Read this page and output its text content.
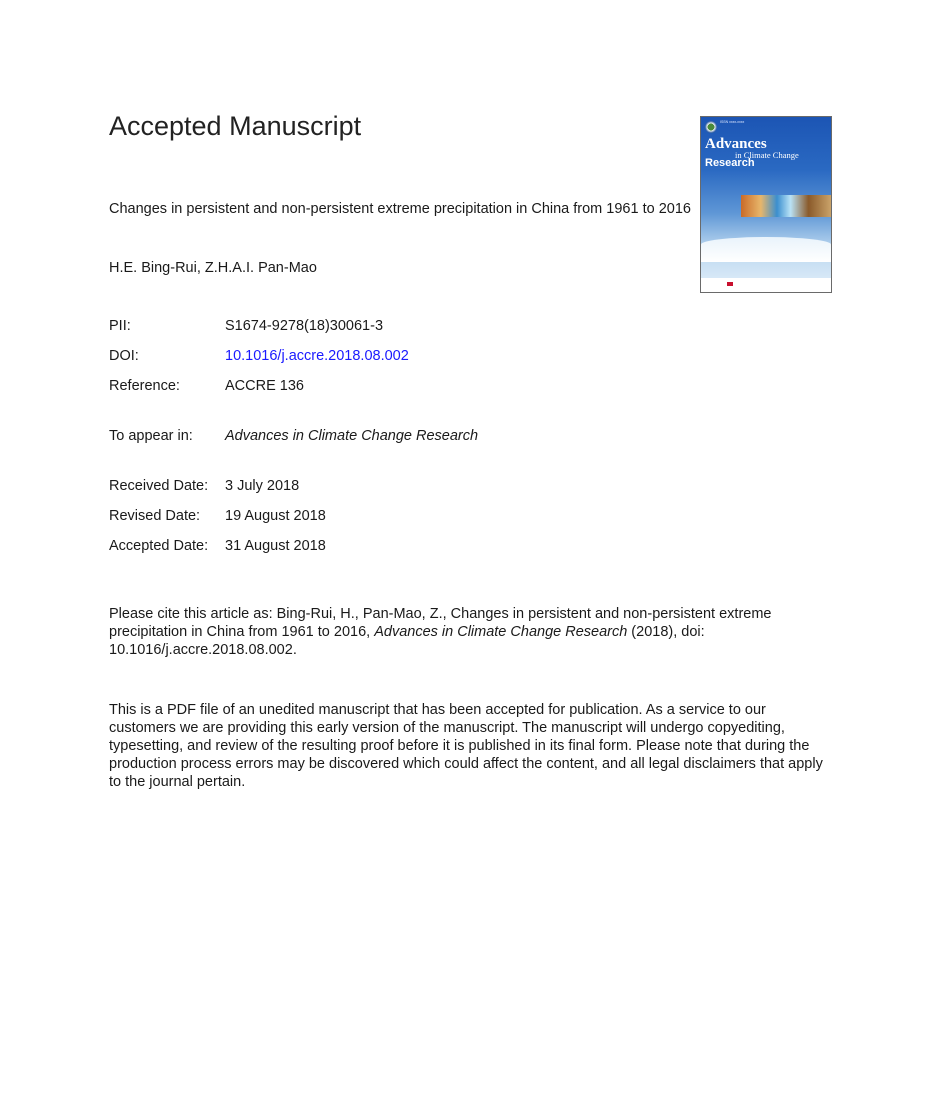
Accepted Manuscript
Changes in persistent and non-persistent extreme precipitation in China from 1961 to 2016
H.E. Bing-Rui, Z.H.A.I. Pan-Mao
PII:	S1674-9278(18)30061-3
DOI:	10.1016/j.accre.2018.08.002
Reference:	ACCRE 136
To appear in: Advances in Climate Change Research
Received Date: 3 July 2018
Revised Date: 19 August 2018
Accepted Date: 31 August 2018
Please cite this article as: Bing-Rui, H., Pan-Mao, Z., Changes in persistent and non-persistent extreme precipitation in China from 1961 to 2016, Advances in Climate Change Research (2018), doi: 10.1016/j.accre.2018.08.002.
This is a PDF file of an unedited manuscript that has been accepted for publication. As a service to our customers we are providing this early version of the manuscript. The manuscript will undergo copyediting, typesetting, and review of the resulting proof before it is published in its final form. Please note that during the production process errors may be discovered which could affect the content, and all legal disclaimers that apply to the journal pertain.
ISSN xxxx-xxxx
Advances
in Climate Change
Research
